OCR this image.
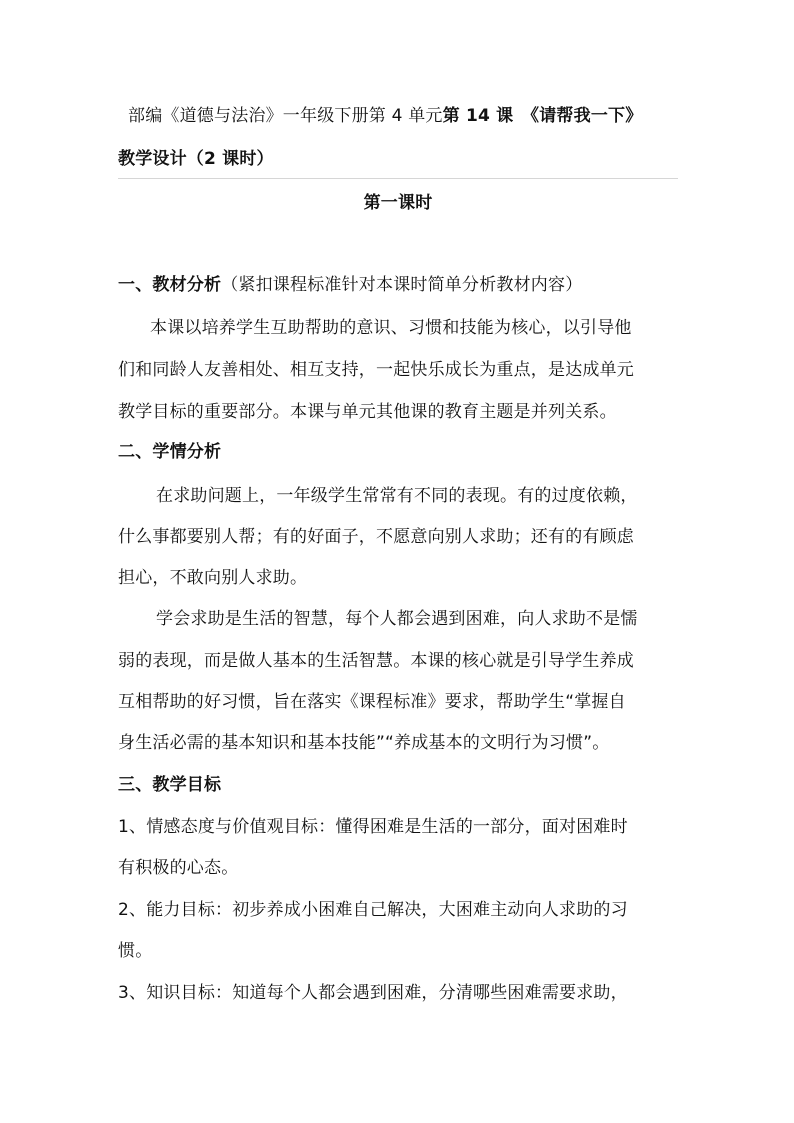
部编《道德与法治》一年级下册第 4 单元第 14 课　《请帮我一下》
教学设计（2 课时）
第一课时
一、教材分析（紧扣课程标准针对本课时简单分析教材内容）
本课以培养学生互助帮助的意识、习惯和技能为核心，以引导他
们和同龄人友善相处、相互支持，一起快乐成长为重点，是达成单元
教学目标的重要部分。本课与单元其他课的教育主题是并列关系。
二、学情分析
在求助问题上，一年级学生常常有不同的表现。有的过度依赖，
什么事都要别人帮；有的好面子，不愿意向别人求助；还有的有顾虑
担心，不敢向别人求助。
学会求助是生活的智慧，每个人都会遇到困难，向人求助不是懦
弱的表现，而是做人基本的生活智慧。本课的核心就是引导学生养成
互相帮助的好习惯，旨在落实《课程标准》要求，帮助学生“掌握自
身生活必需的基本知识和基本技能”“养成基本的文明行为习惯”。
三、教学目标
1、情感态度与价值观目标：懂得困难是生活的一部分，面对困难时
有积极的心态。
2、能力目标：初步养成小困难自己解决，大困难主动向人求助的习
惯。
3、知识目标：知道每个人都会遇到困难，分清哪些困难需要求助，
